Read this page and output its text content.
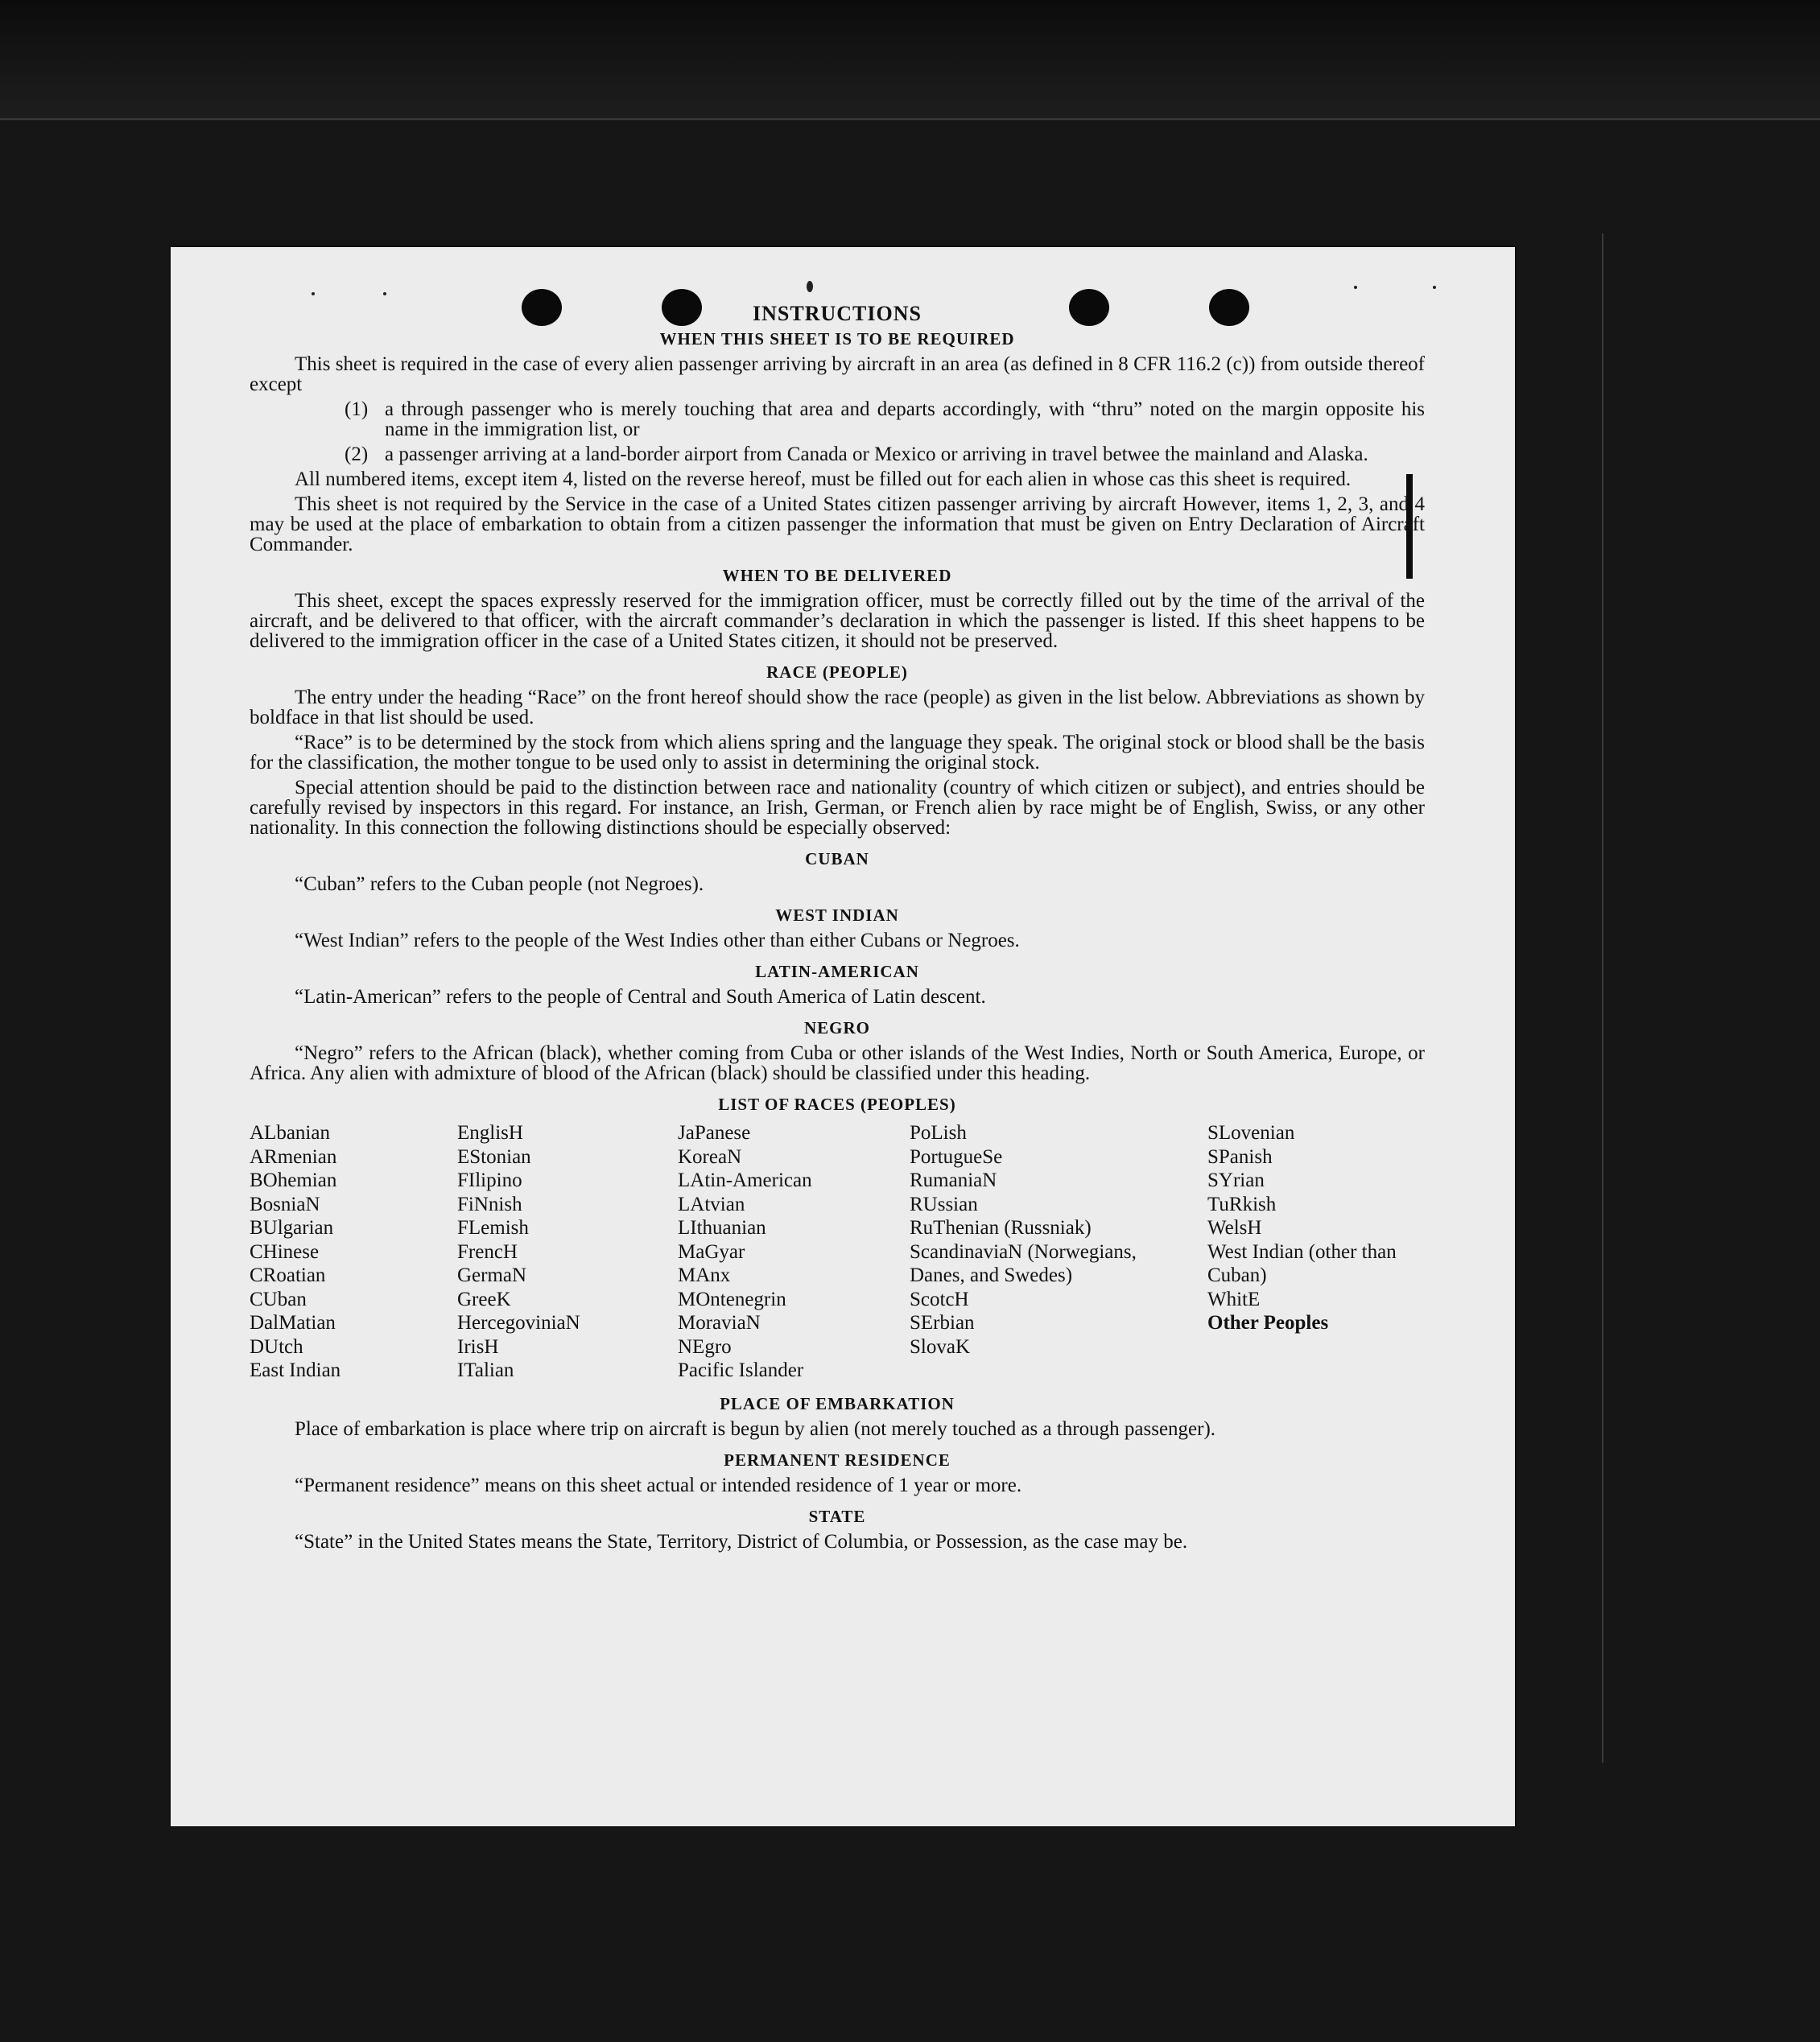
INSTRUCTIONS
WHEN THIS SHEET IS TO BE REQUIRED

This sheet is required in the case of every alien passenger arriving by aircraft in an area (as defined in 8 CFR 116.2 (c)) from outside thereof except

(1) a through passenger who is merely touching that area and departs accordingly, with “thru” noted on the margin opposite his name in the immigration list, or
(2) a passenger arriving at a land-border airport from Canada or Mexico or arriving in travel betwee the mainland and Alaska.

All numbered items, except item 4, listed on the reverse hereof, must be filled out for each alien in whose cas this sheet is required.

This sheet is not required by the Service in the case of a United States citizen passenger arriving by aircraft However, items 1, 2, 3, and 4 may be used at the place of embarkation to obtain from a citizen passenger the information that must be given on Entry Declaration of Aircraft Commander.

WHEN TO BE DELIVERED

This sheet, except the spaces expressly reserved for the immigration officer, must be correctly filled out by the time of the arrival of the aircraft, and be delivered to that officer, with the aircraft commander’s declaration in which the passenger is listed. If this sheet happens to be delivered to the immigration officer in the case of a United States citizen, it should not be preserved.

RACE (PEOPLE)

The entry under the heading “Race” on the front hereof should show the race (people) as given in the list below. Abbreviations as shown by boldface in that list should be used.

“Race” is to be determined by the stock from which aliens spring and the language they speak. The original stock or blood shall be the basis for the classification, the mother tongue to be used only to assist in determining the original stock.

Special attention should be paid to the distinction between race and nationality (country of which citizen or subject), and entries should be carefully revised by inspectors in this regard. For instance, an Irish, German, or French alien by race might be of English, Swiss, or any other nationality. In this connection the following distinctions should be especially observed:

CUBAN

“Cuban” refers to the Cuban people (not Negroes).

WEST INDIAN

“West Indian” refers to the people of the West Indies other than either Cubans or Negroes.

LATIN-AMERICAN

“Latin-American” refers to the people of Central and South America of Latin descent.

NEGRO

“Negro” refers to the African (black), whether coming from Cuba or other islands of the West Indies, North or South America, Europe, or Africa. Any alien with admixture of blood of the African (black) should be classified under this heading.

LIST OF RACES (PEOPLES)
ALbanian
ARmenian
BOhemian
BosniaN
BUlgarian
CHinese
CRoatian
CUban
DalMatian
DUtch
East Indian
EnglisH
EStonian
FIlipino
FiNnish
FLemish
FrencH
GermaN
GreeK
HercegoviniaN
IrisH
ITalian
JaPanese
KoreaN
LAtin-American
LAtvian
LIthuanian
MaGyar
MAnx
MOntenegrin
MoraviaN
NEgro
Pacific Islander
PoLish
PortugueSe
RumaniaN
RUssian
RuThenian (Russniak)
ScandinaviaN (Norwegians, Danes, and Swedes)
ScotcH
SErbian
SlovaK
SLovenian
SPanish
SYrian
TuRkish
WelsH
West Indian (other than Cuban)
WhitE
Other Peoples
PLACE OF EMBARKATION

Place of embarkation is place where trip on aircraft is begun by alien (not merely touched as a through passenger).

PERMANENT RESIDENCE

“Permanent residence” means on this sheet actual or intended residence of 1 year or more.

STATE

“State” in the United States means the State, Territory, District of Columbia, or Possession, as the case may be.
